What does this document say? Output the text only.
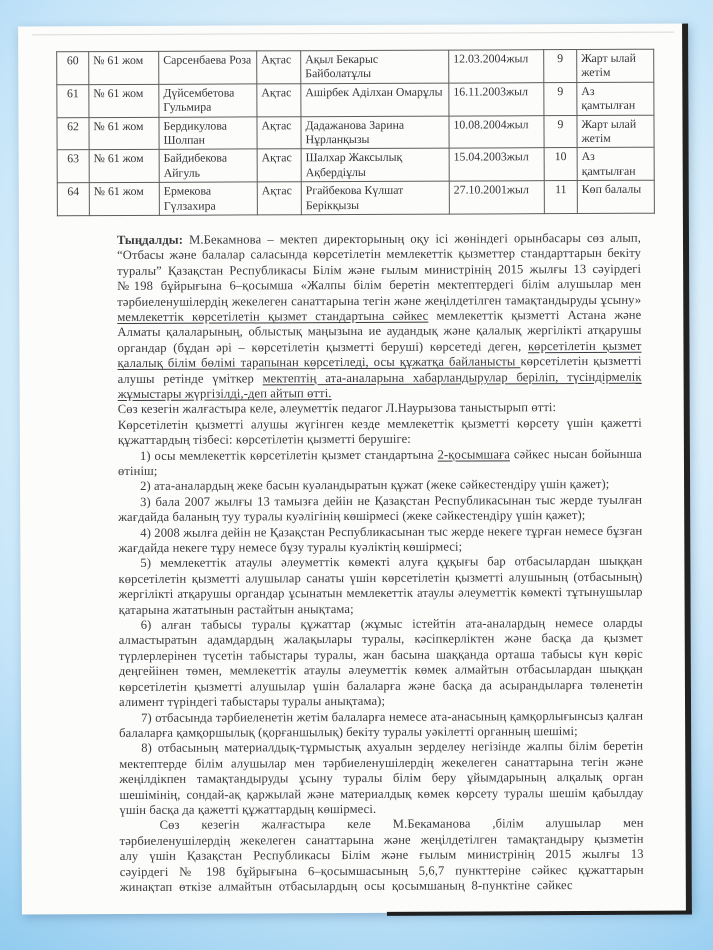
60	№ 61 жом	Сарсенбаева Роза	Ақтас	Ақыл Бекарыс Байболатұлы	12.03.2004жыл	9	Жарт ылай жетім
61	№ 61 жом	Дүйсембетова Гульмира	Ақтас	Ашірбек Аділхан Омарұлы	16.11.2003жыл	9	Аз қамтылған
62	№ 61 жом	Бердикулова Шолпан	Ақтас	Дадажанова Зарина Нұрланқызы	10.08.2004жыл	9	Жарт ылай жетім
63	№ 61 жом	Байдибекова Айгуль	Ақтас	Шалхар Жаксылық Ақбердіұлы	15.04.2003жыл	10	Аз қамтылған
64	№ 61 жом	Ермекова Гүлзахира	Ақтас	Ргайбекова Күлшат Берікқызы	27.10.2001жыл	11	Көп балалы

Тыңдалды: М.Бекамнова – мектеп директорының оқу ісі жөніндегі орынбасары сөз алып, “Отбасы және балалар саласында көрсетілетін мемлекеттік қызметтер стандарттарын бекіту туралы” Қазақстан Республикасы Білім және ғылым министрінің 2015 жылғы 13 сәуірдегі №198 бұйрығына 6–қосымша «Жалпы білім беретін мектептердегі білім алушылар мен тәрбиеленушілердің жекелеген санаттарына тегін және жеңілдетілген тамақтандыруды ұсыну» мемлекеттік көрсетілетін қызмет стандартына сәйкес мемлекеттік қызметті Астана және Алматы қалаларының, облыстық маңызына ие аудандық және қалалық жергілікті атқарушы органдар (бұдан әрі – көрсетілетін қызметті беруші) көрсетеді деген, көрсетілетін қызмет қалалық білім бөлімі тарапынан көрсетіледі, осы құжатқа байланысты көрсетілетін қызметті алушы ретінде үміткер мектептің ата-аналарына хабарландырулар беріліп, түсіндірмелік жұмыстары жүргізілді,-деп айтып өтті.

Сөз кезегін жалғастыра келе, әлеуметтік педагог Л.Наурызова таныстырып өтті:

Көрсетілетін қызметті алушы жүгінген кезде мемлекеттік қызметті көрсету үшін қажетті құжаттардың тізбесі: көрсетілетін қызметті берушіге:

1) осы мемлекеттік көрсетілетін қызмет стандартына 2-қосымшаға сәйкес нысан бойынша өтініш;

2) ата-аналардың жеке басын куәландыратын құжат (жеке сәйкестендіру үшін қажет);

3) бала 2007 жылғы 13 тамызға дейін не Қазақстан Республикасынан тыс жерде туылған жағдайда баланың туу туралы куәлігінің көшірмесі (жеке сәйкестендіру үшін қажет);

4) 2008 жылға дейін не Қазақстан Республикасынан тыс жерде некеге тұрған немесе бұзған жағдайда некеге тұру немесе бұзу туралы куәліктің көшірмесі;

5) мемлекеттік атаулы әлеуметтік көмекті алуға құқығы бар отбасылардан шыққан көрсетілетін қызметті алушылар санаты үшін көрсетілетін қызметті алушының (отбасының) жергілікті атқарушы органдар ұсынатын мемлекеттік атаулы әлеуметтік көмекті тұтынушылар қатарына жататынын растайтын анықтама;

6) алған табысы туралы құжаттар (жұмыс істейтін ата-аналардың немесе оларды алмастыратын адамдардың жалақылары туралы, кәсіпкерліктен және басқа да қызмет түрлерлерінен түсетін табыстары туралы, жан басына шаққанда орташа табысы күн көріс деңгейінен төмен, мемлекеттік атаулы әлеуметтік көмек алмайтын отбасылардан шыққан көрсетілетін қызметті алушылар үшін балаларға және басқа да асырандыларға төленетін алимент түріндегі табыстары туралы анықтама);

7) отбасында тәрбиеленетін жетім балаларға немесе ата-анасының қамқорлығынсыз қалған балаларға қамқоршылық (қорғаншылық) бекіту туралы уәкілетті органның шешімі;

8) отбасының материалдық-тұрмыстық ахуалын зерделеу негізінде жалпы білім беретін мектептерде білім алушылар мен тәрбиеленушілердің жекелеген санаттарына тегін және жеңілдікпен тамақтандыруды ұсыну туралы білім беру ұйымдарының алқалық орган шешімінің, сондай-ақ қаржылай және материалдық көмек көрсету туралы шешім қабылдау үшін басқа да қажетті құжаттардың көшірмесі.

Сөз кезегін жалғастыра келе М.Бекаманова ,білім алушылар мен тәрбиеленушілердің жекелеген санаттарына және жеңілдетілген тамақтандыру қызметін алу үшін Қазақстан Республикасы Білім және ғылым министрінің 2015 жылғы 13 сәуірдегі № 198 бұйрығына 6–қосымшасының 5,6,7 пункттеріне сәйкес құжаттарын жинақтап өткізе алмайтын отбасылардың осы қосымшаның 8-пунктіне сәйкес
